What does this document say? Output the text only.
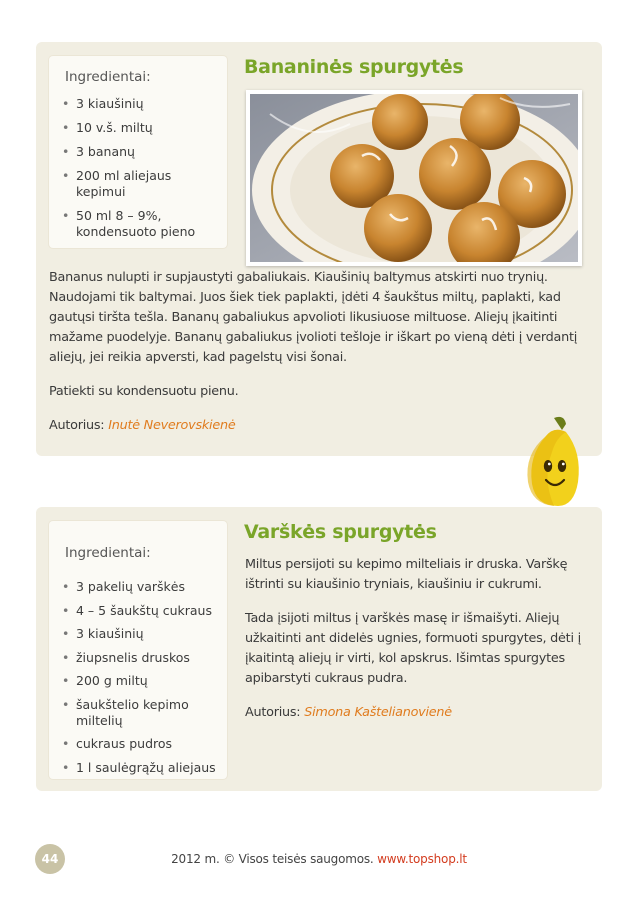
Ingredientai:
• 3 kiaušinių
• 10 v.š. miltų
• 3 bananų
• 200 ml aliejaus kepimui
• 50 ml 8 – 9%, kondensuoto pieno
Bananinės spurgytės

Bananus nulupti ir supjaustyti gabaliukais. Kiaušinių baltymus atskirti nuo trynių. Naudojami tik baltymai. Juos šiek tiek paplakti, įdėti 4 šaukštus miltų, paplakti, kad gautųsi tiršta tešla. Bananų gabaliukus apvolioti likusiuose miltuose. Aliejų įkaitinti mažame puodelyje. Bananų gabaliukus įvolioti tešloje ir iškart po vieną dėti į verdantį aliejų, jei reikia apversti, kad pagelstų visi šonai.

Patiekti su kondensuotu pienu.

Autorius: Inutė Neverovskienė

Ingredientai:
• 3 pakelių varškės
• 4 – 5 šaukštų cukraus
• 3 kiaušinių
• žiupsnelis druskos
• 200 g miltų
• šaukštelio kepimo miltelių
• cukraus pudros
• 1 l saulėgrąžų aliejaus
Varškės spurgytės

Miltus persijoti su kepimo milteliais ir druska. Varškę ištrinti su kiaušinio tryniais, kiaušiniu ir cukrumi.

Tada įsijoti miltus į varškės masę ir išmaišyti. Aliejų užkaitinti ant didelės ugnies, formuoti spurgytes, dėti į įkaitintą aliejų ir virti, kol apskrus. Išimtas spurgytes apibarstyti cukraus pudra.

Autorius: Simona Kaštelianovienė

44	2012 m. © Visos teisės saugomos. www.topshop.lt
